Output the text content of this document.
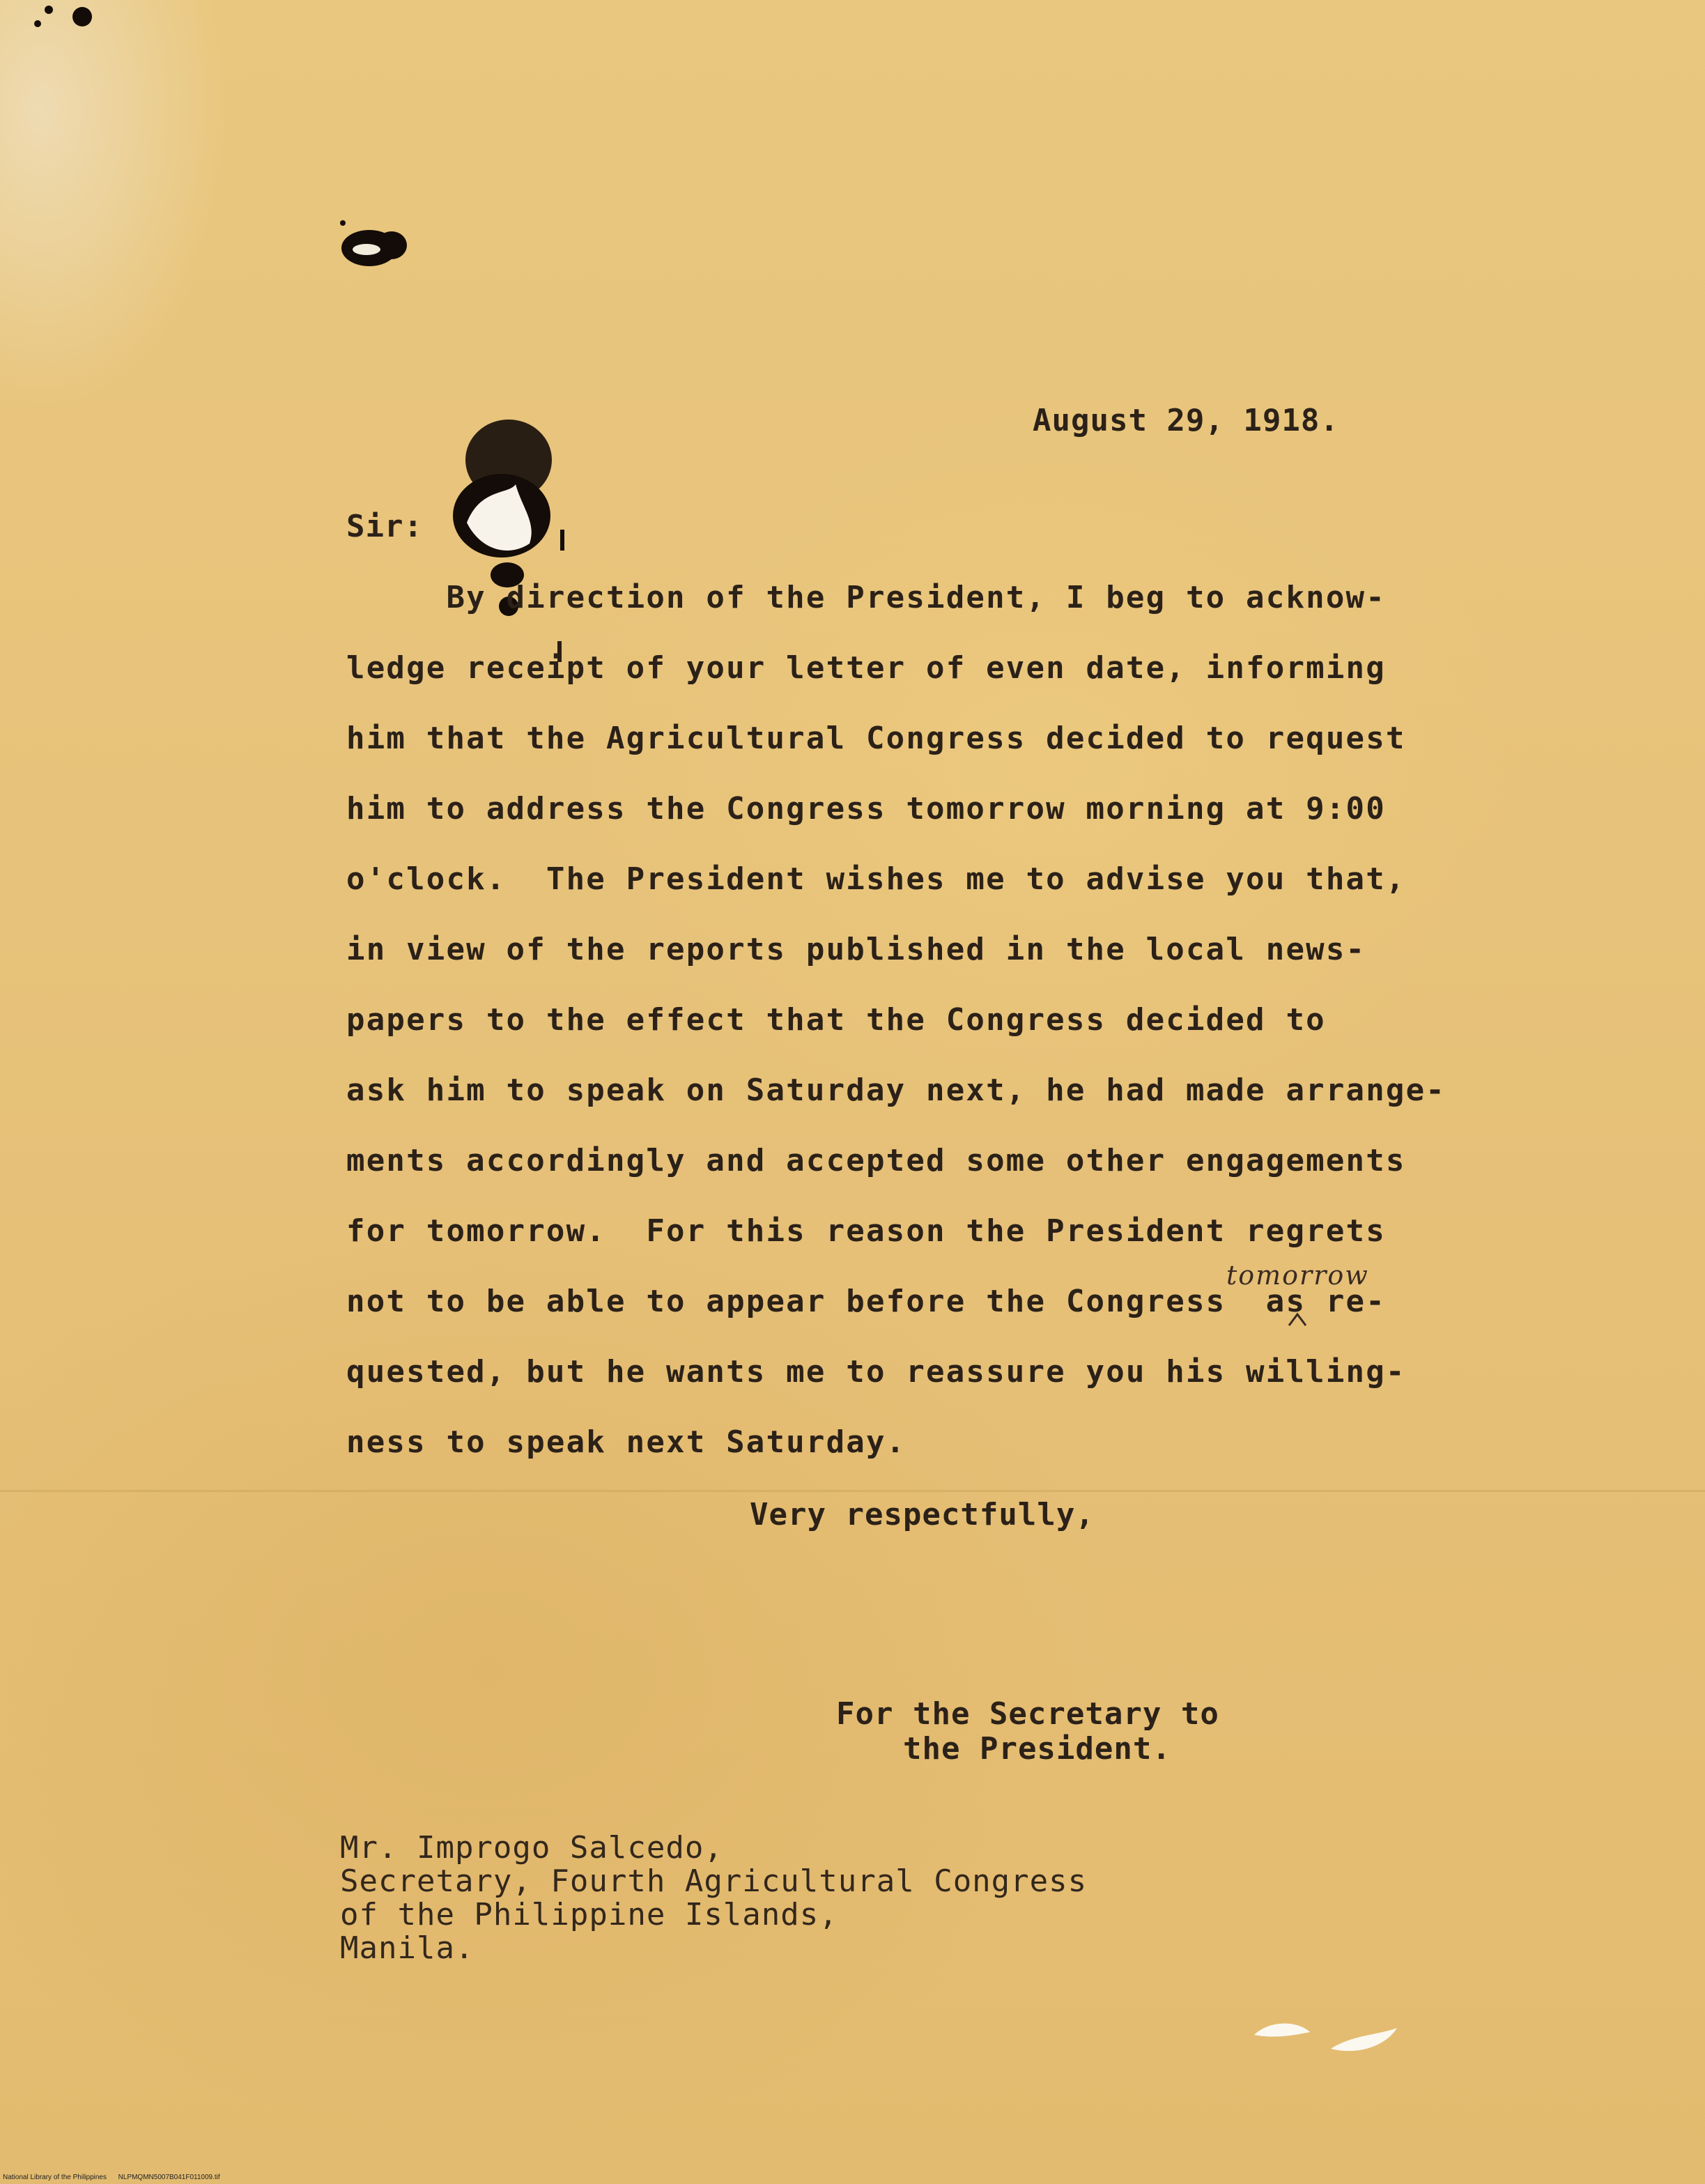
August 29, 1918.
Sir:
By direction of the President, I beg to acknow-
ledge receipt of your letter of even date, informing
him that the Agricultural Congress decided to request
him to address the Congress tomorrow morning at 9:00
o'clock.  The President wishes me to advise you that,
in view of the reports published in the local news-
papers to the effect that the Congress decided to
ask him to speak on Saturday next, he had made arrange-
ments accordingly and accepted some other engagements
for tomorrow.  For this reason the President regrets
not to be able to appear before the Congress  as re-
quested, but he wants me to reassure you his willing-
ness to speak next Saturday.
tomorrow
Very respectfully,
For the Secretary to
the President.
Mr. Improgo Salcedo,
Secretary, Fourth Agricultural Congress
of the Philippine Islands,
Manila.
National Library of the Philippines      NLPMQMN5007B041F011009.tif
